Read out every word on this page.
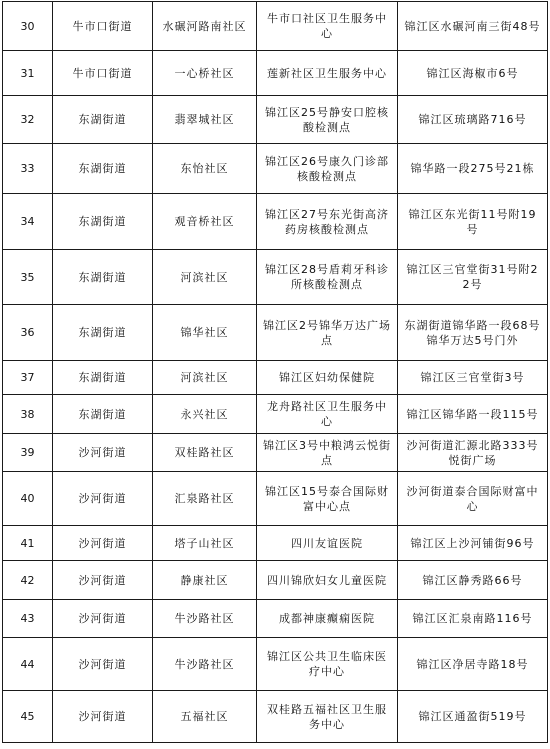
30	牛市口街道	水碾河路南社区	牛市口社区卫生服务中心	锦江区水碾河南三街48号
31	牛市口街道	一心桥社区	莲新社区卫生服务中心	锦江区海椒市6号
32	东湖街道	翡翠城社区	锦江区25号静安口腔核酸检测点	锦江区琉璃路716号
33	东湖街道	东怡社区	锦江区26号康久门诊部核酸检测点	锦华路一段275号21栋
34	东湖街道	观音桥社区	锦江区27号东光街高济药房核酸检测点	锦江区东光街11号附19号
35	东湖街道	河滨社区	锦江区28号盾莉牙科诊所核酸检测点	锦江区三官堂街31号附22号
36	东湖街道	锦华社区	锦江区2号锦华万达广场点	东湖街道锦华路一段68号锦华万达5号门外
37	东湖街道	河滨社区	锦江区妇幼保健院	锦江区三官堂街3号
38	东湖街道	永兴社区	龙舟路社区卫生服务中心	锦江区锦华路一段115号
39	沙河街道	双桂路社区	锦江区3号中粮鸿云悦街点	沙河街道汇源北路333号悦街广场
40	沙河街道	汇泉路社区	锦江区15号泰合国际财富中心点	沙河街道泰合国际财富中心
41	沙河街道	塔子山社区	四川友谊医院	锦江区上沙河铺街96号
42	沙河街道	静康社区	四川锦欣妇女儿童医院	锦江区静秀路66号
43	沙河街道	牛沙路社区	成都神康癫痫医院	锦江区汇泉南路116号
44	沙河街道	牛沙路社区	锦江区公共卫生临床医疗中心	锦江区净居寺路18号
45	沙河街道	五福社区	双桂路五福社区卫生服务中心	锦江区通盈街519号
